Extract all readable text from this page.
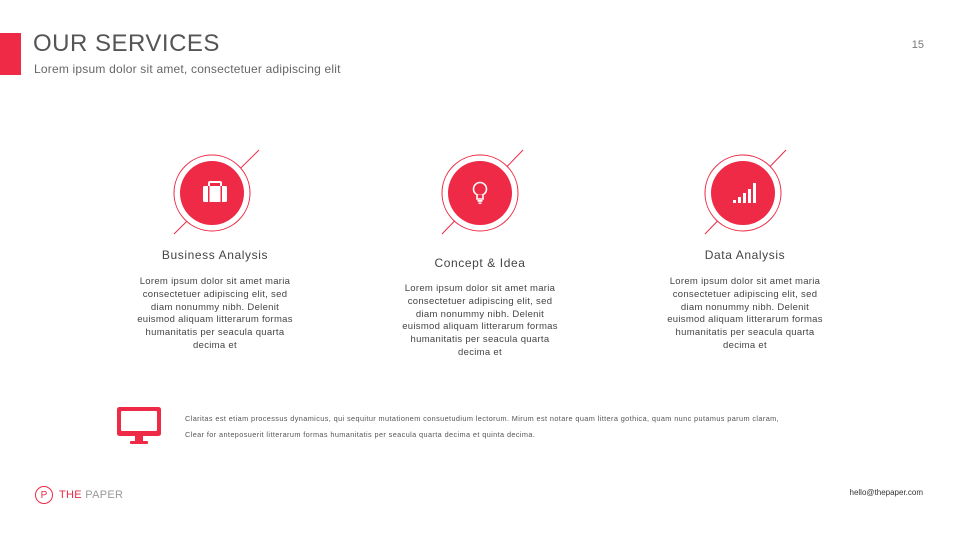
OUR SERVICES
Lorem ipsum dolor sit amet, consectetuer adipiscing elit
15
Business Analysis
Lorem ipsum dolor sit amet maria
consectetuer adipiscing elit, sed
diam nonummy nibh. Delenit
euismod aliquam litterarum formas
humanitatis per seacula quarta
decima et
Concept & Idea
Lorem ipsum dolor sit amet maria
consectetuer adipiscing elit, sed
diam nonummy nibh. Delenit
euismod aliquam litterarum formas
humanitatis per seacula quarta
decima et
Data Analysis
Lorem ipsum dolor sit amet maria
consectetuer adipiscing elit, sed
diam nonummy nibh. Delenit
euismod aliquam litterarum formas
humanitatis per seacula quarta
decima et
Claritas est etiam processus dynamicus, qui sequitur mutationem consuetudium lectorum. Mirum est notare quam littera gothica, quam nunc putamus parum claram,
Clear for anteposuerit litterarum formas humanitatis per seacula quarta decima et quinta decima.
P	THE PAPER	hello@thepaper.com
